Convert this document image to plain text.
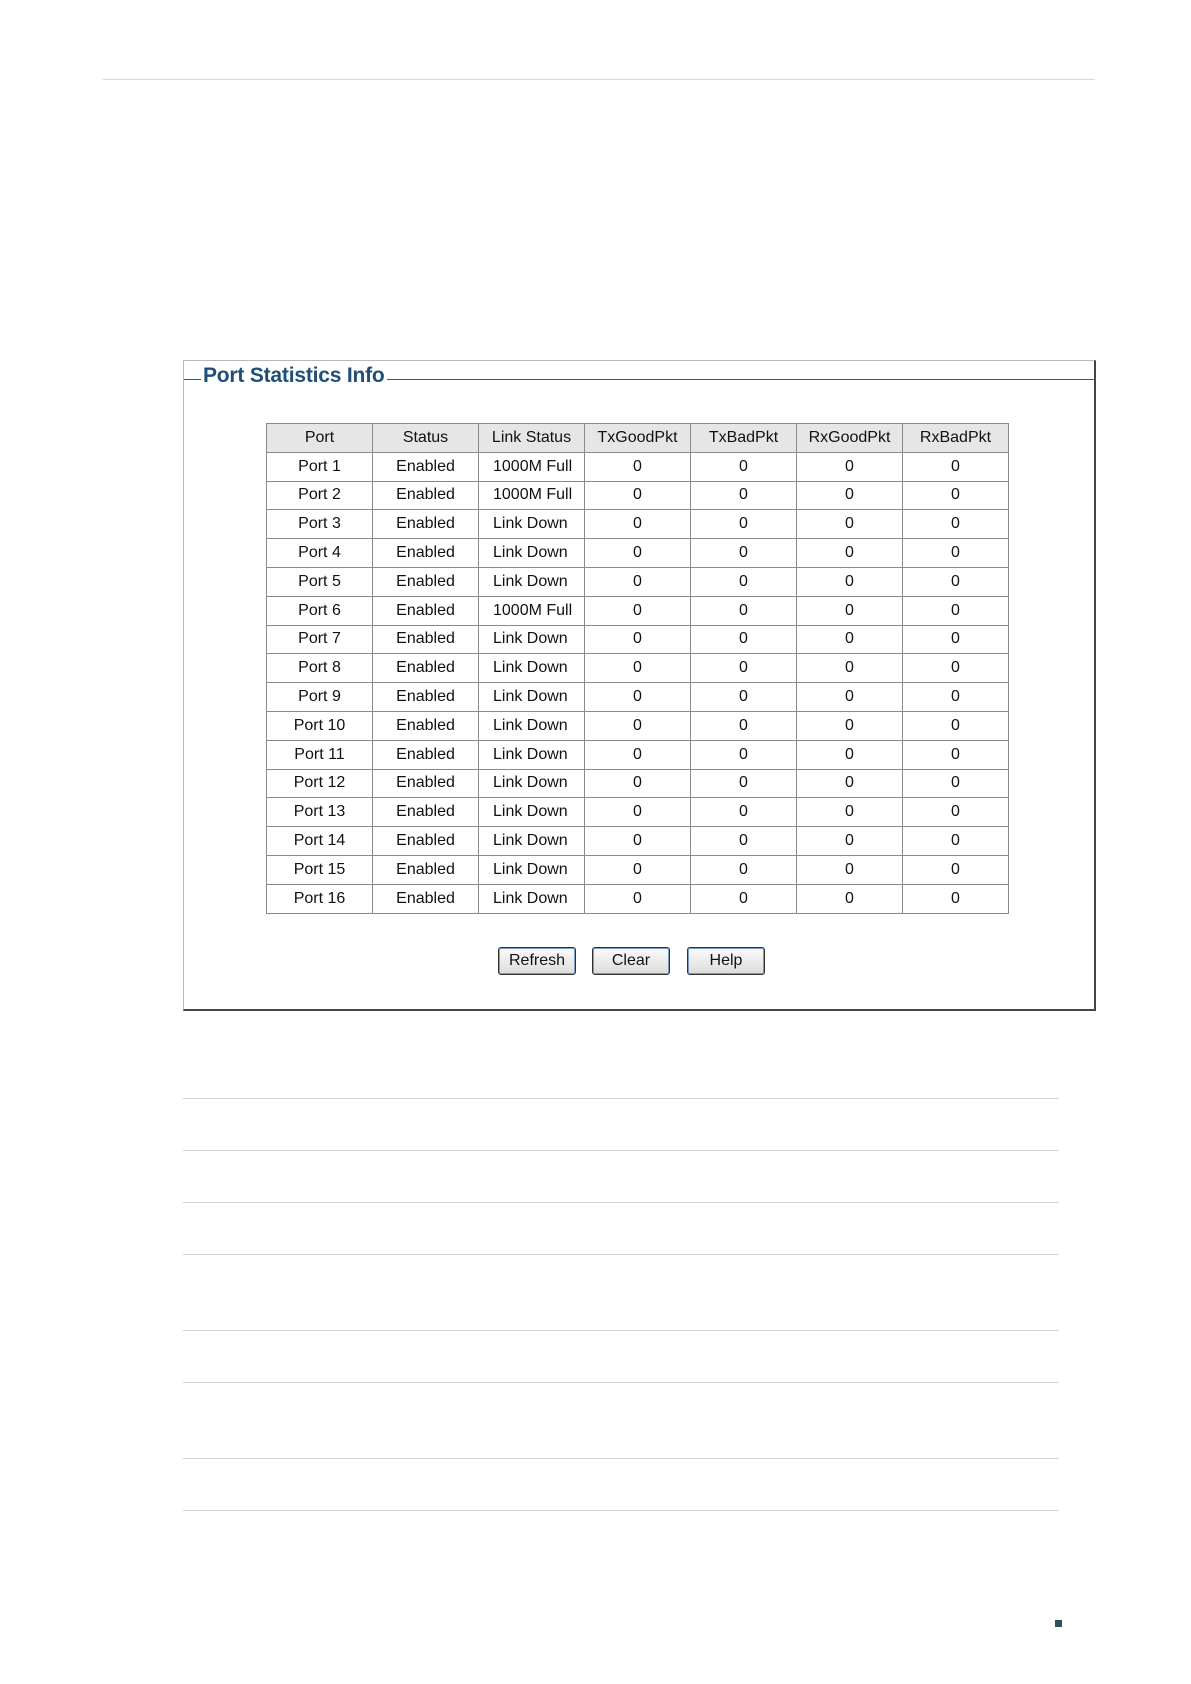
Port Statistics Info
Port	Status	Link Status	TxGoodPkt	TxBadPkt	RxGoodPkt	RxBadPkt
Port 1	Enabled	1000M Full	0	0	0	0
Port 2	Enabled	1000M Full	0	0	0	0
Port 3	Enabled	Link Down	0	0	0	0
Port 4	Enabled	Link Down	0	0	0	0
Port 5	Enabled	Link Down	0	0	0	0
Port 6	Enabled	1000M Full	0	0	0	0
Port 7	Enabled	Link Down	0	0	0	0
Port 8	Enabled	Link Down	0	0	0	0
Port 9	Enabled	Link Down	0	0	0	0
Port 10	Enabled	Link Down	0	0	0	0
Port 11	Enabled	Link Down	0	0	0	0
Port 12	Enabled	Link Down	0	0	0	0
Port 13	Enabled	Link Down	0	0	0	0
Port 14	Enabled	Link Down	0	0	0	0
Port 15	Enabled	Link Down	0	0	0	0
Port 16	Enabled	Link Down	0	0	0	0
Refresh	Clear	Help
